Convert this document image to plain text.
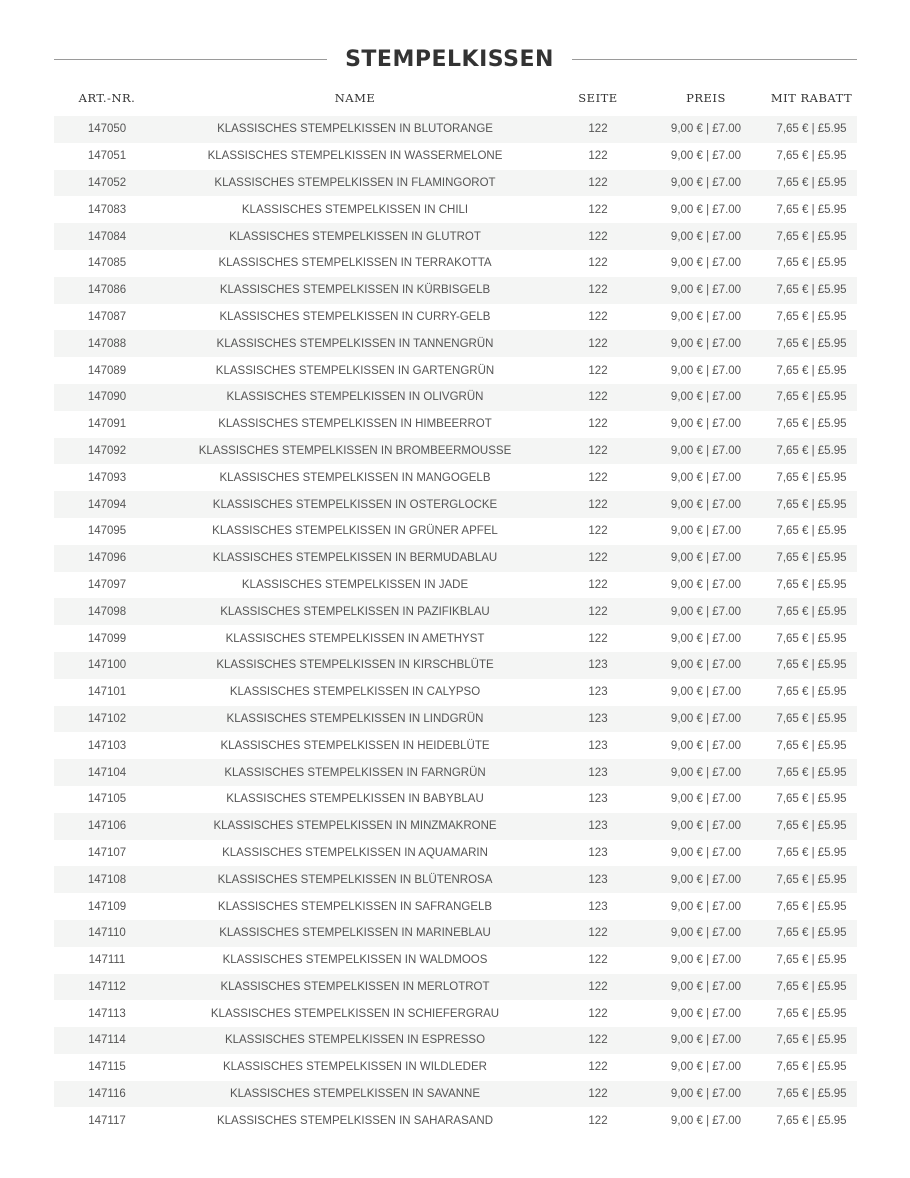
STEMPELKISSEN
ART.-NR.	NAME	SEITE	PREIS	MIT RABATT
147050	KLASSISCHES STEMPELKISSEN IN BLUTORANGE	122	9,00 € | £7.00	7,65 € | £5.95
147051	KLASSISCHES STEMPELKISSEN IN WASSERMELONE	122	9,00 € | £7.00	7,65 € | £5.95
147052	KLASSISCHES STEMPELKISSEN IN FLAMINGOROT	122	9,00 € | £7.00	7,65 € | £5.95
147083	KLASSISCHES STEMPELKISSEN IN CHILI	122	9,00 € | £7.00	7,65 € | £5.95
147084	KLASSISCHES STEMPELKISSEN IN GLUTROT	122	9,00 € | £7.00	7,65 € | £5.95
147085	KLASSISCHES STEMPELKISSEN IN TERRAKOTTA	122	9,00 € | £7.00	7,65 € | £5.95
147086	KLASSISCHES STEMPELKISSEN IN KÜRBISGELB	122	9,00 € | £7.00	7,65 € | £5.95
147087	KLASSISCHES STEMPELKISSEN IN CURRY-GELB	122	9,00 € | £7.00	7,65 € | £5.95
147088	KLASSISCHES STEMPELKISSEN IN TANNENGRÜN	122	9,00 € | £7.00	7,65 € | £5.95
147089	KLASSISCHES STEMPELKISSEN IN GARTENGRÜN	122	9,00 € | £7.00	7,65 € | £5.95
147090	KLASSISCHES STEMPELKISSEN IN OLIVGRÜN	122	9,00 € | £7.00	7,65 € | £5.95
147091	KLASSISCHES STEMPELKISSEN IN HIMBEERROT	122	9,00 € | £7.00	7,65 € | £5.95
147092	KLASSISCHES STEMPELKISSEN IN BROMBEERMOUSSE	122	9,00 € | £7.00	7,65 € | £5.95
147093	KLASSISCHES STEMPELKISSEN IN MANGOGELB	122	9,00 € | £7.00	7,65 € | £5.95
147094	KLASSISCHES STEMPELKISSEN IN OSTERGLOCKE	122	9,00 € | £7.00	7,65 € | £5.95
147095	KLASSISCHES STEMPELKISSEN IN GRÜNER APFEL	122	9,00 € | £7.00	7,65 € | £5.95
147096	KLASSISCHES STEMPELKISSEN IN BERMUDABLAU	122	9,00 € | £7.00	7,65 € | £5.95
147097	KLASSISCHES STEMPELKISSEN IN JADE	122	9,00 € | £7.00	7,65 € | £5.95
147098	KLASSISCHES STEMPELKISSEN IN PAZIFIKBLAU	122	9,00 € | £7.00	7,65 € | £5.95
147099	KLASSISCHES STEMPELKISSEN IN AMETHYST	122	9,00 € | £7.00	7,65 € | £5.95
147100	KLASSISCHES STEMPELKISSEN IN KIRSCHBLÜTE	123	9,00 € | £7.00	7,65 € | £5.95
147101	KLASSISCHES STEMPELKISSEN IN CALYPSO	123	9,00 € | £7.00	7,65 € | £5.95
147102	KLASSISCHES STEMPELKISSEN IN LINDGRÜN	123	9,00 € | £7.00	7,65 € | £5.95
147103	KLASSISCHES STEMPELKISSEN IN HEIDEBLÜTE	123	9,00 € | £7.00	7,65 € | £5.95
147104	KLASSISCHES STEMPELKISSEN IN FARNGRÜN	123	9,00 € | £7.00	7,65 € | £5.95
147105	KLASSISCHES STEMPELKISSEN IN BABYBLAU	123	9,00 € | £7.00	7,65 € | £5.95
147106	KLASSISCHES STEMPELKISSEN IN MINZMAKRONE	123	9,00 € | £7.00	7,65 € | £5.95
147107	KLASSISCHES STEMPELKISSEN IN AQUAMARIN	123	9,00 € | £7.00	7,65 € | £5.95
147108	KLASSISCHES STEMPELKISSEN IN BLÜTENROSA	123	9,00 € | £7.00	7,65 € | £5.95
147109	KLASSISCHES STEMPELKISSEN IN SAFRANGELB	123	9,00 € | £7.00	7,65 € | £5.95
147110	KLASSISCHES STEMPELKISSEN IN MARINEBLAU	122	9,00 € | £7.00	7,65 € | £5.95
147111	KLASSISCHES STEMPELKISSEN IN WALDMOOS	122	9,00 € | £7.00	7,65 € | £5.95
147112	KLASSISCHES STEMPELKISSEN IN MERLOTROT	122	9,00 € | £7.00	7,65 € | £5.95
147113	KLASSISCHES STEMPELKISSEN IN SCHIEFERGRAU	122	9,00 € | £7.00	7,65 € | £5.95
147114	KLASSISCHES STEMPELKISSEN IN ESPRESSO	122	9,00 € | £7.00	7,65 € | £5.95
147115	KLASSISCHES STEMPELKISSEN IN WILDLEDER	122	9,00 € | £7.00	7,65 € | £5.95
147116	KLASSISCHES STEMPELKISSEN IN SAVANNE	122	9,00 € | £7.00	7,65 € | £5.95
147117	KLASSISCHES STEMPELKISSEN IN SAHARASAND	122	9,00 € | £7.00	7,65 € | £5.95
